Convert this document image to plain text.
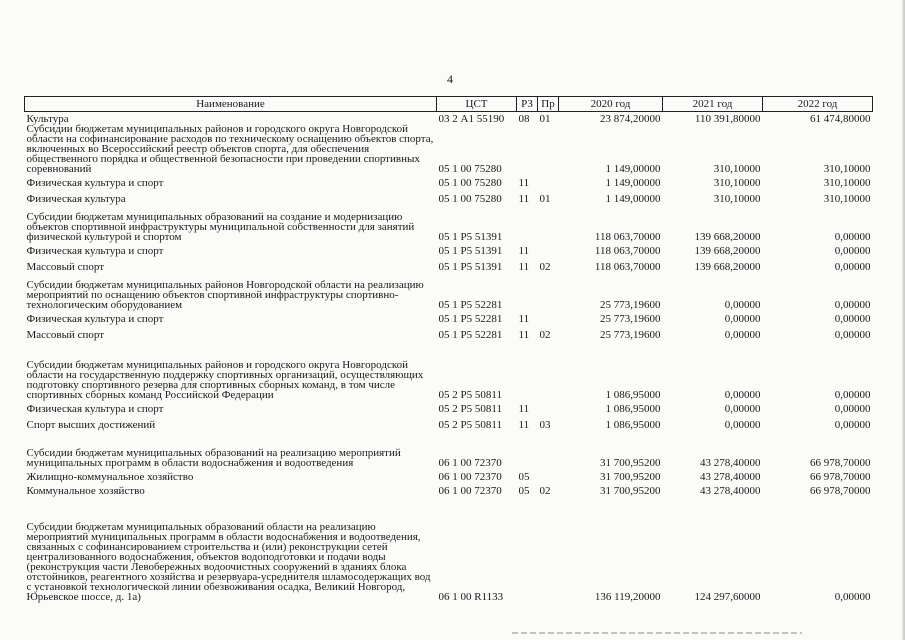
4
Наименование	ЦСТ	РЗ	Пр	2020 год	2021 год	2022 год
Культура	03 2 А1 55190	08	01	23 874,20000	110 391,80000	61 474,80000
Субсидии бюджетам муниципальных районов и городского округа Новгородской области на софинансирование расходов по техническому оснащению объектов спорта, включенных во Всероссийский реестр объектов спорта, для обеспечения общественного порядка и общественной безопасности при проведении спортивных соревнований	05 1 00 75280			1 149,00000	310,10000	310,10000
Физическая культура и спорт	05 1 00 75280	11		1 149,00000	310,10000	310,10000
Физическая культура	05 1 00 75280	11	01	1 149,00000	310,10000	310,10000
Субсидии бюджетам муниципальных образований на создание и модернизацию объектов спортивной инфраструктуры муниципальной собственности для занятий физической культурой и спортом	05 1 P5 51391			118 063,70000	139 668,20000	0,00000
Физическая культура и спорт	05 1 P5 51391	11		118 063,70000	139 668,20000	0,00000
Массовый спорт	05 1 P5 51391	11	02	118 063,70000	139 668,20000	0,00000
Субсидии бюджетам муниципальных районов Новгородской области на реализацию мероприятий по оснащению объектов спортивной инфраструктуры спортивно-технологическим оборудованием	05 1 P5 52281			25 773,19600	0,00000	0,00000
Физическая культура и спорт	05 1 P5 52281	11		25 773,19600	0,00000	0,00000
Массовый спорт	05 1 P5 52281	11	02	25 773,19600	0,00000	0,00000
Субсидии бюджетам муниципальных районов и городского округа Новгородской области на государственную поддержку спортивных организаций, осуществляющих подготовку спортивного резерва для спортивных сборных команд, в том числе спортивных сборных команд Российской Федерации	05 2 P5 50811			1 086,95000	0,00000	0,00000
Физическая культура и спорт	05 2 P5 50811	11		1 086,95000	0,00000	0,00000
Спорт высших достижений	05 2 P5 50811	11	03	1 086,95000	0,00000	0,00000
Субсидии бюджетам муниципальных образований на реализацию мероприятий муниципальных программ в области водоснабжения и водоотведения	06 1 00 72370			31 700,95200	43 278,40000	66 978,70000
Жилищно-коммунальное хозяйство	06 1 00 72370	05		31 700,95200	43 278,40000	66 978,70000
Коммунальное хозяйство	06 1 00 72370	05	02	31 700,95200	43 278,40000	66 978,70000
Субсидии бюджетам муниципальных образований области на реализацию мероприятий муниципальных программ в области водоснабжения и водоотведения, связанных с софинансированием строительства и (или) реконструкции сетей централизованного водоснабжения, объектов водоподготовки и подачи воды (реконструкция части Левобережных водоочистных сооружений в зданиях блока отстойников, реагентного хозяйства и резервуара-усреднителя шламосодержащих вод с установкой технологической линии обезвоживания осадка, Великий Новгород, Юрьевское шоссе, д. 1а)	06 1 00 R1133			136 119,20000	124 297,60000	0,00000
